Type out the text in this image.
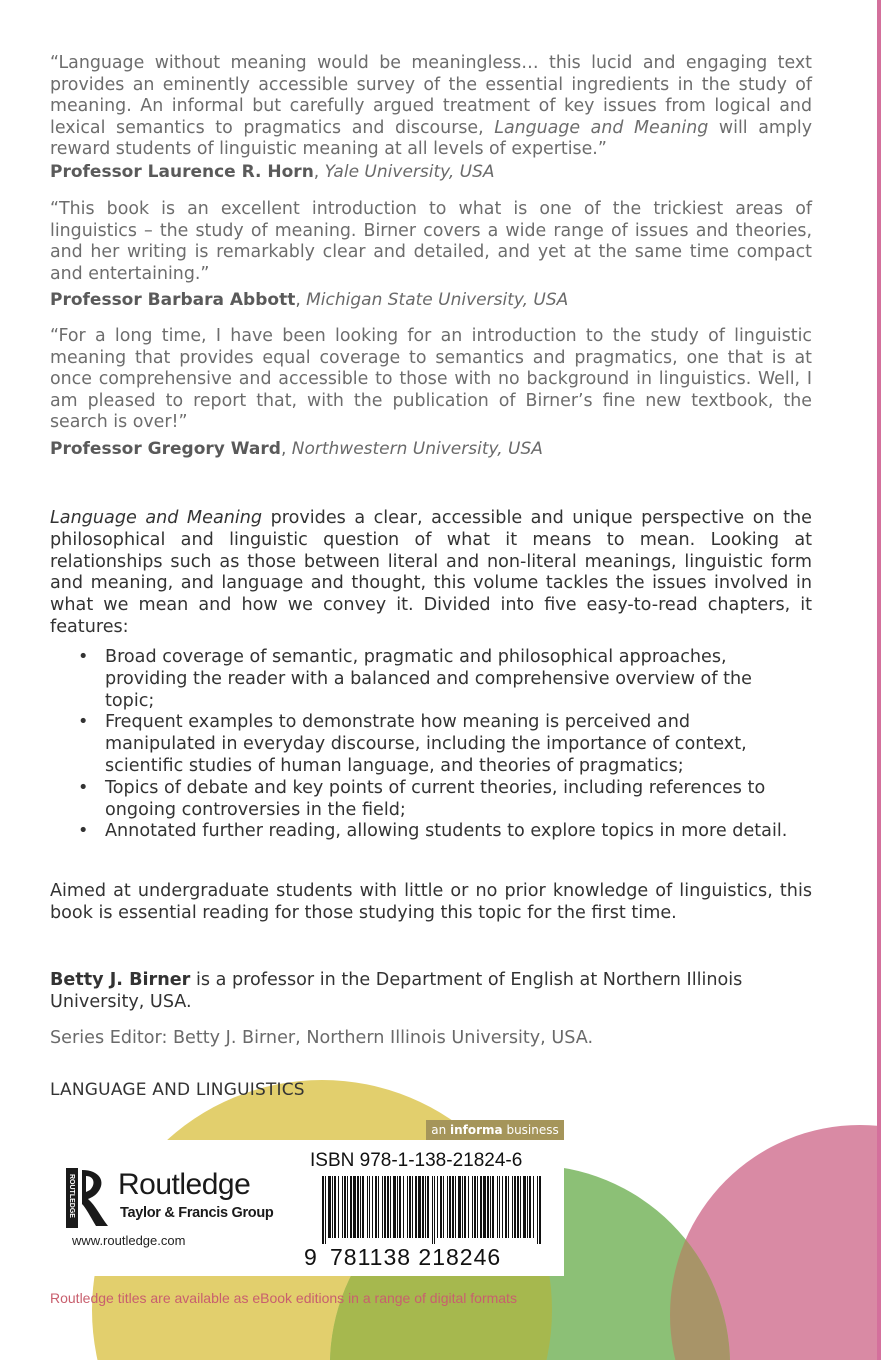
“Language without meaning would be meaningless… this lucid and engaging text provides an eminently accessible survey of the essential ingredients in the study of meaning. An informal but carefully argued treatment of key issues from logical and lexical semantics to pragmatics and discourse, Language and Meaning will amply reward students of linguistic meaning at all levels of expertise.”

Professor Laurence R. Horn, Yale University, USA

“This book is an excellent introduction to what is one of the trickiest areas of linguistics – the study of meaning. Birner covers a wide range of issues and theories, and her writing is remarkably clear and detailed, and yet at the same time compact and entertaining.”

Professor Barbara Abbott, Michigan State University, USA

“For a long time, I have been looking for an introduction to the study of linguistic meaning that provides equal coverage to semantics and pragmatics, one that is at once comprehensive and accessible to those with no background in linguistics. Well, I am pleased to report that, with the publication of Birner’s fine new textbook, the search is over!”

Professor Gregory Ward, Northwestern University, USA

Language and Meaning provides a clear, accessible and unique perspective on the philosophical and linguistic question of what it means to mean. Looking at relationships such as those between literal and non-literal meanings, linguistic form and meaning, and language and thought, this volume tackles the issues involved in what we mean and how we convey it. Divided into five easy-to-read chapters, it features:

• Broad coverage of semantic, pragmatic and philosophical approaches, providing the reader with a balanced and comprehensive overview of the topic;
• Frequent examples to demonstrate how meaning is perceived and manipulated in everyday discourse, including the importance of context, scientific studies of human language, and theories of pragmatics;
• Topics of debate and key points of current theories, including references to ongoing controversies in the field;
• Annotated further reading, allowing students to explore topics in more detail.

Aimed at undergraduate students with little or no prior knowledge of linguistics, this book is essential reading for those studying this topic for the first time.

Betty J. Birner is a professor in the Department of English at Northern Illinois University, USA.

Series Editor: Betty J. Birner, Northern Illinois University, USA.

LANGUAGE AND LINGUISTICS
an informa business
ROUTLEDGE Routledge
Taylor & Francis Group
www.routledge.com
ISBN 978-1-138-21824-6
9 781138 218246
Routledge titles are available as eBook editions in a range of digital formats
